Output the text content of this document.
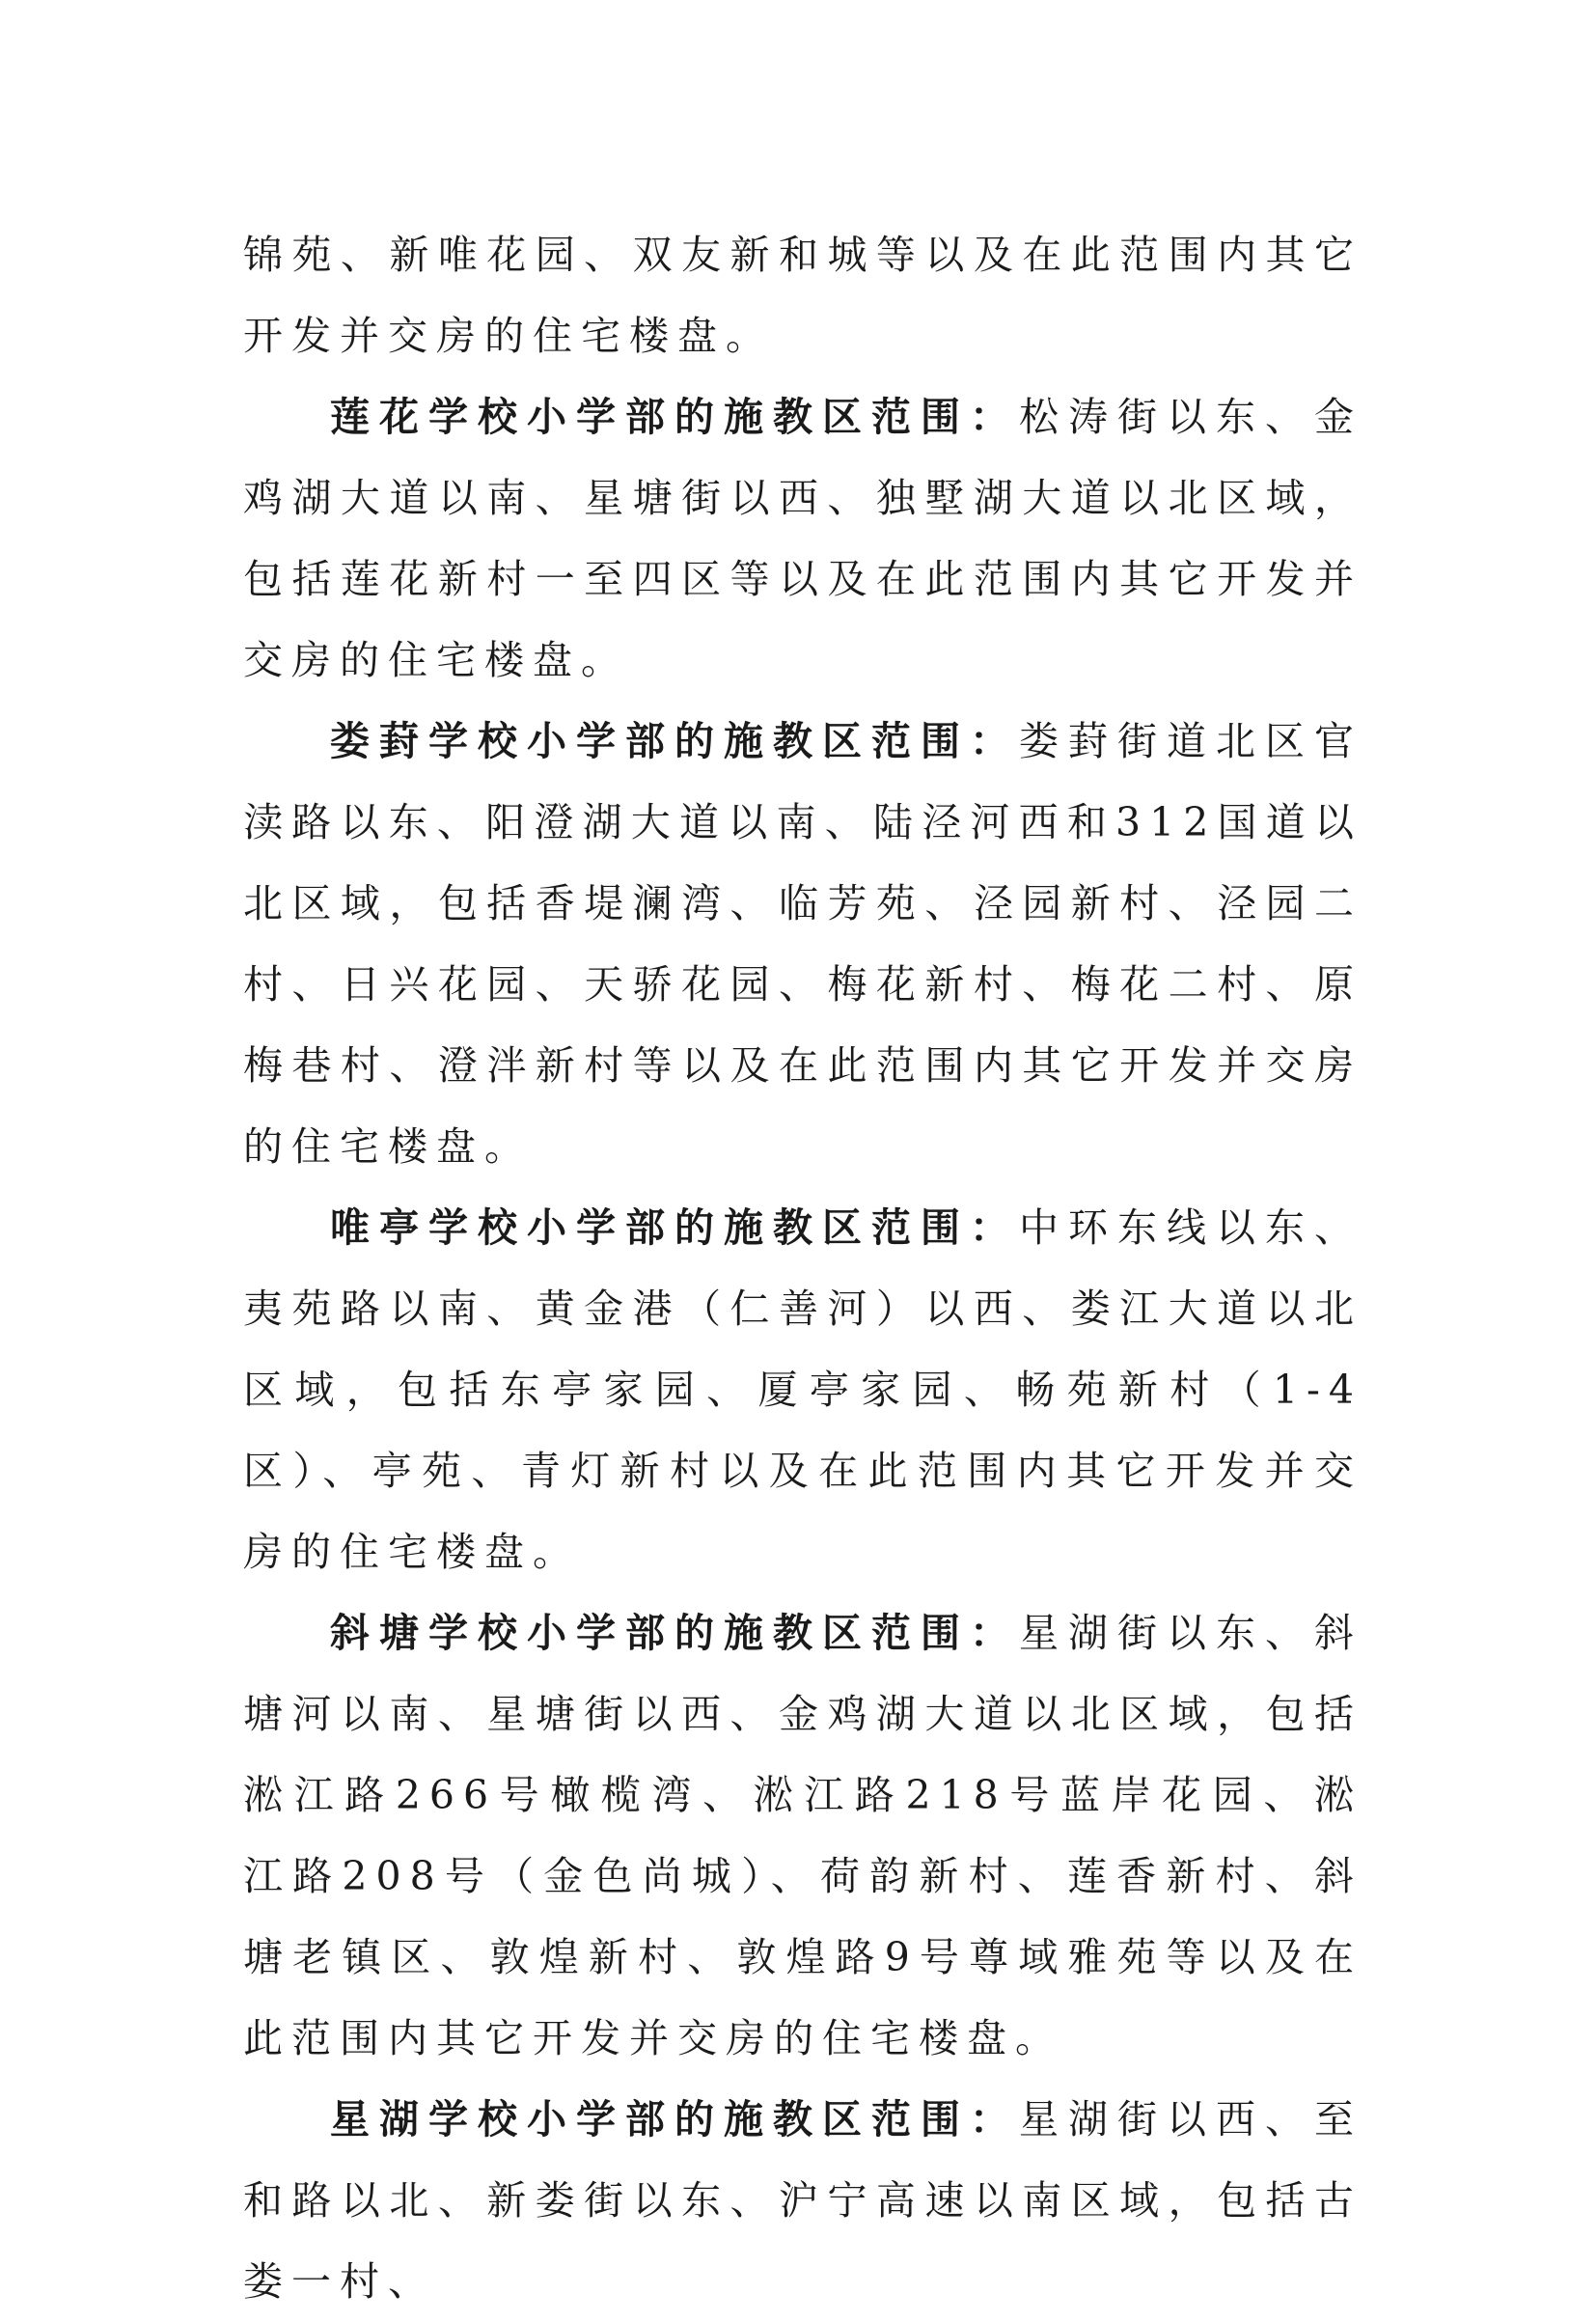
锦苑、新唯花园、双友新和城等以及在此范围内其它开发并交房的住宅楼盘。

莲花学校小学部的施教区范围：松涛街以东、金鸡湖大道以南、星塘街以西、独墅湖大道以北区域，包括莲花新村一至四区等以及在此范围内其它开发并交房的住宅楼盘。

娄葑学校小学部的施教区范围：娄葑街道北区官渎路以东、阳澄湖大道以南、陆泾河西和312国道以北区域，包括香堤澜湾、临芳苑、泾园新村、泾园二村、日兴花园、天骄花园、梅花新村、梅花二村、原梅巷村、澄泮新村等以及在此范围内其它开发并交房的住宅楼盘。

唯亭学校小学部的施教区范围：中环东线以东、夷苑路以南、黄金港（仁善河）以西、娄江大道以北区域，包括东亭家园、厦亭家园、畅苑新村（1-4区）、亭苑、青灯新村以及在此范围内其它开发并交房的住宅楼盘。

斜塘学校小学部的施教区范围：星湖街以东、斜塘河以南、星塘街以西、金鸡湖大道以北区域，包括淞江路266号橄榄湾、淞江路218号蓝岸花园、淞江路208号（金色尚城）、荷韵新村、莲香新村、斜塘老镇区、敦煌新村、敦煌路9号尊域雅苑等以及在此范围内其它开发并交房的住宅楼盘。

星湖学校小学部的施教区范围：星湖街以西、至和路以北、新娄街以东、沪宁高速以南区域，包括古娄一村、
